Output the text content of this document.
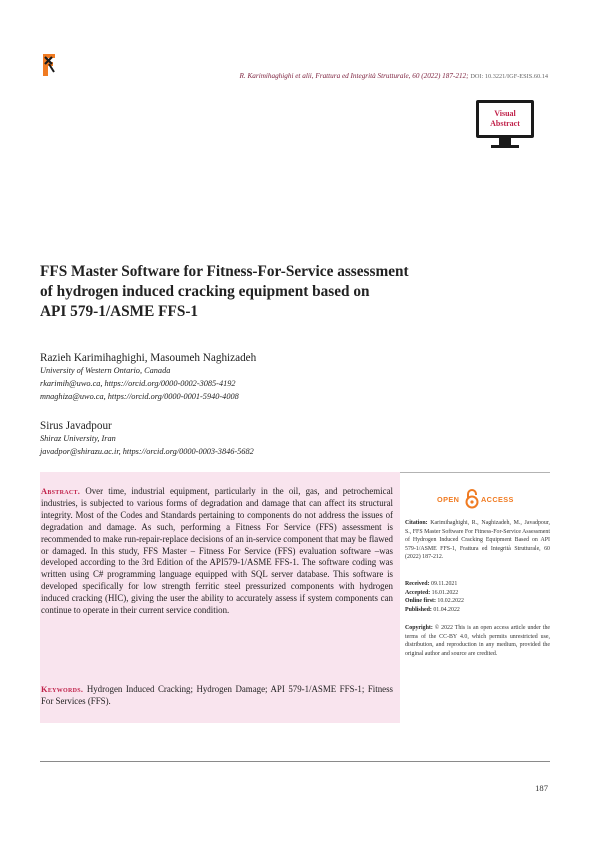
R. Karimihaghighi et alii, Frattura ed Integrità Strutturale, 60 (2022) 187-212; DOI: 10.3221/IGF-ESIS.60.14
Visual
Abstract
FFS Master Software for Fitness-For-Service assessment
of hydrogen induced cracking equipment based on
API 579-1/ASME FFS-1
Razieh Karimihaghighi, Masoumeh Naghizadeh
University of Western Ontario, Canada
rkarimih@uwo.ca, https://orcid.org/0000-0002-3085-4192
mnaghiza@uwo.ca, https://orcid.org/0000-0001-5940-4008
Sirus Javadpour
Shiraz University, Iran
javadpor@shirazu.ac.ir, https://orcid.org/0000-0003-3846-5682

Abstract. Over time, industrial equipment, particularly in the oil, gas, and petrochemical industries, is subjected to various forms of degradation and damage that can affect its structural integrity. Most of the Codes and Standards pertaining to components do not address the issues of degradation and damage. As such, performing a Fitness For Service (FFS) assessment is recommended to make run-repair-replace decisions of an in-service component that may be flawed or damaged. In this study, FFS Master – Fitness For Service (FFS) evaluation software –was developed according to the 3rd Edition of the API579-1/ASME FFS-1. The software coding was written using C# programming language equipped with SQL server database. This software is developed specifically for low strength ferritic steel pressurized components with hydrogen induced cracking (HIC), giving the user the ability to accurately assess if system components can continue to operate in their current service condition.

Keywords. Hydrogen Induced Cracking; Hydrogen Damage; API 579-1/ASME FFS-1; Fitness For Services (FFS).

OPEN	ACCESS

Citation: Karimihaghighi, R., Naghizadeh, M., Javadpour, S., FFS Master Software For Fitness-For-Service Assessment of Hydrogen Induced Cracking Equipment Based on API 579-1/ASME FFS-1, Frattura ed Integrità Strutturale, 60 (2022) 187-212.

Received: 09.11.2021
Accepted: 16.01.2022
Online first: 10.02.2022
Published: 01.04.2022

Copyright: © 2022 This is an open access article under the terms of the CC-BY 4.0, which permits unrestricted use, distribution, and reproduction in any medium, provided the original author and source are credited.

187
